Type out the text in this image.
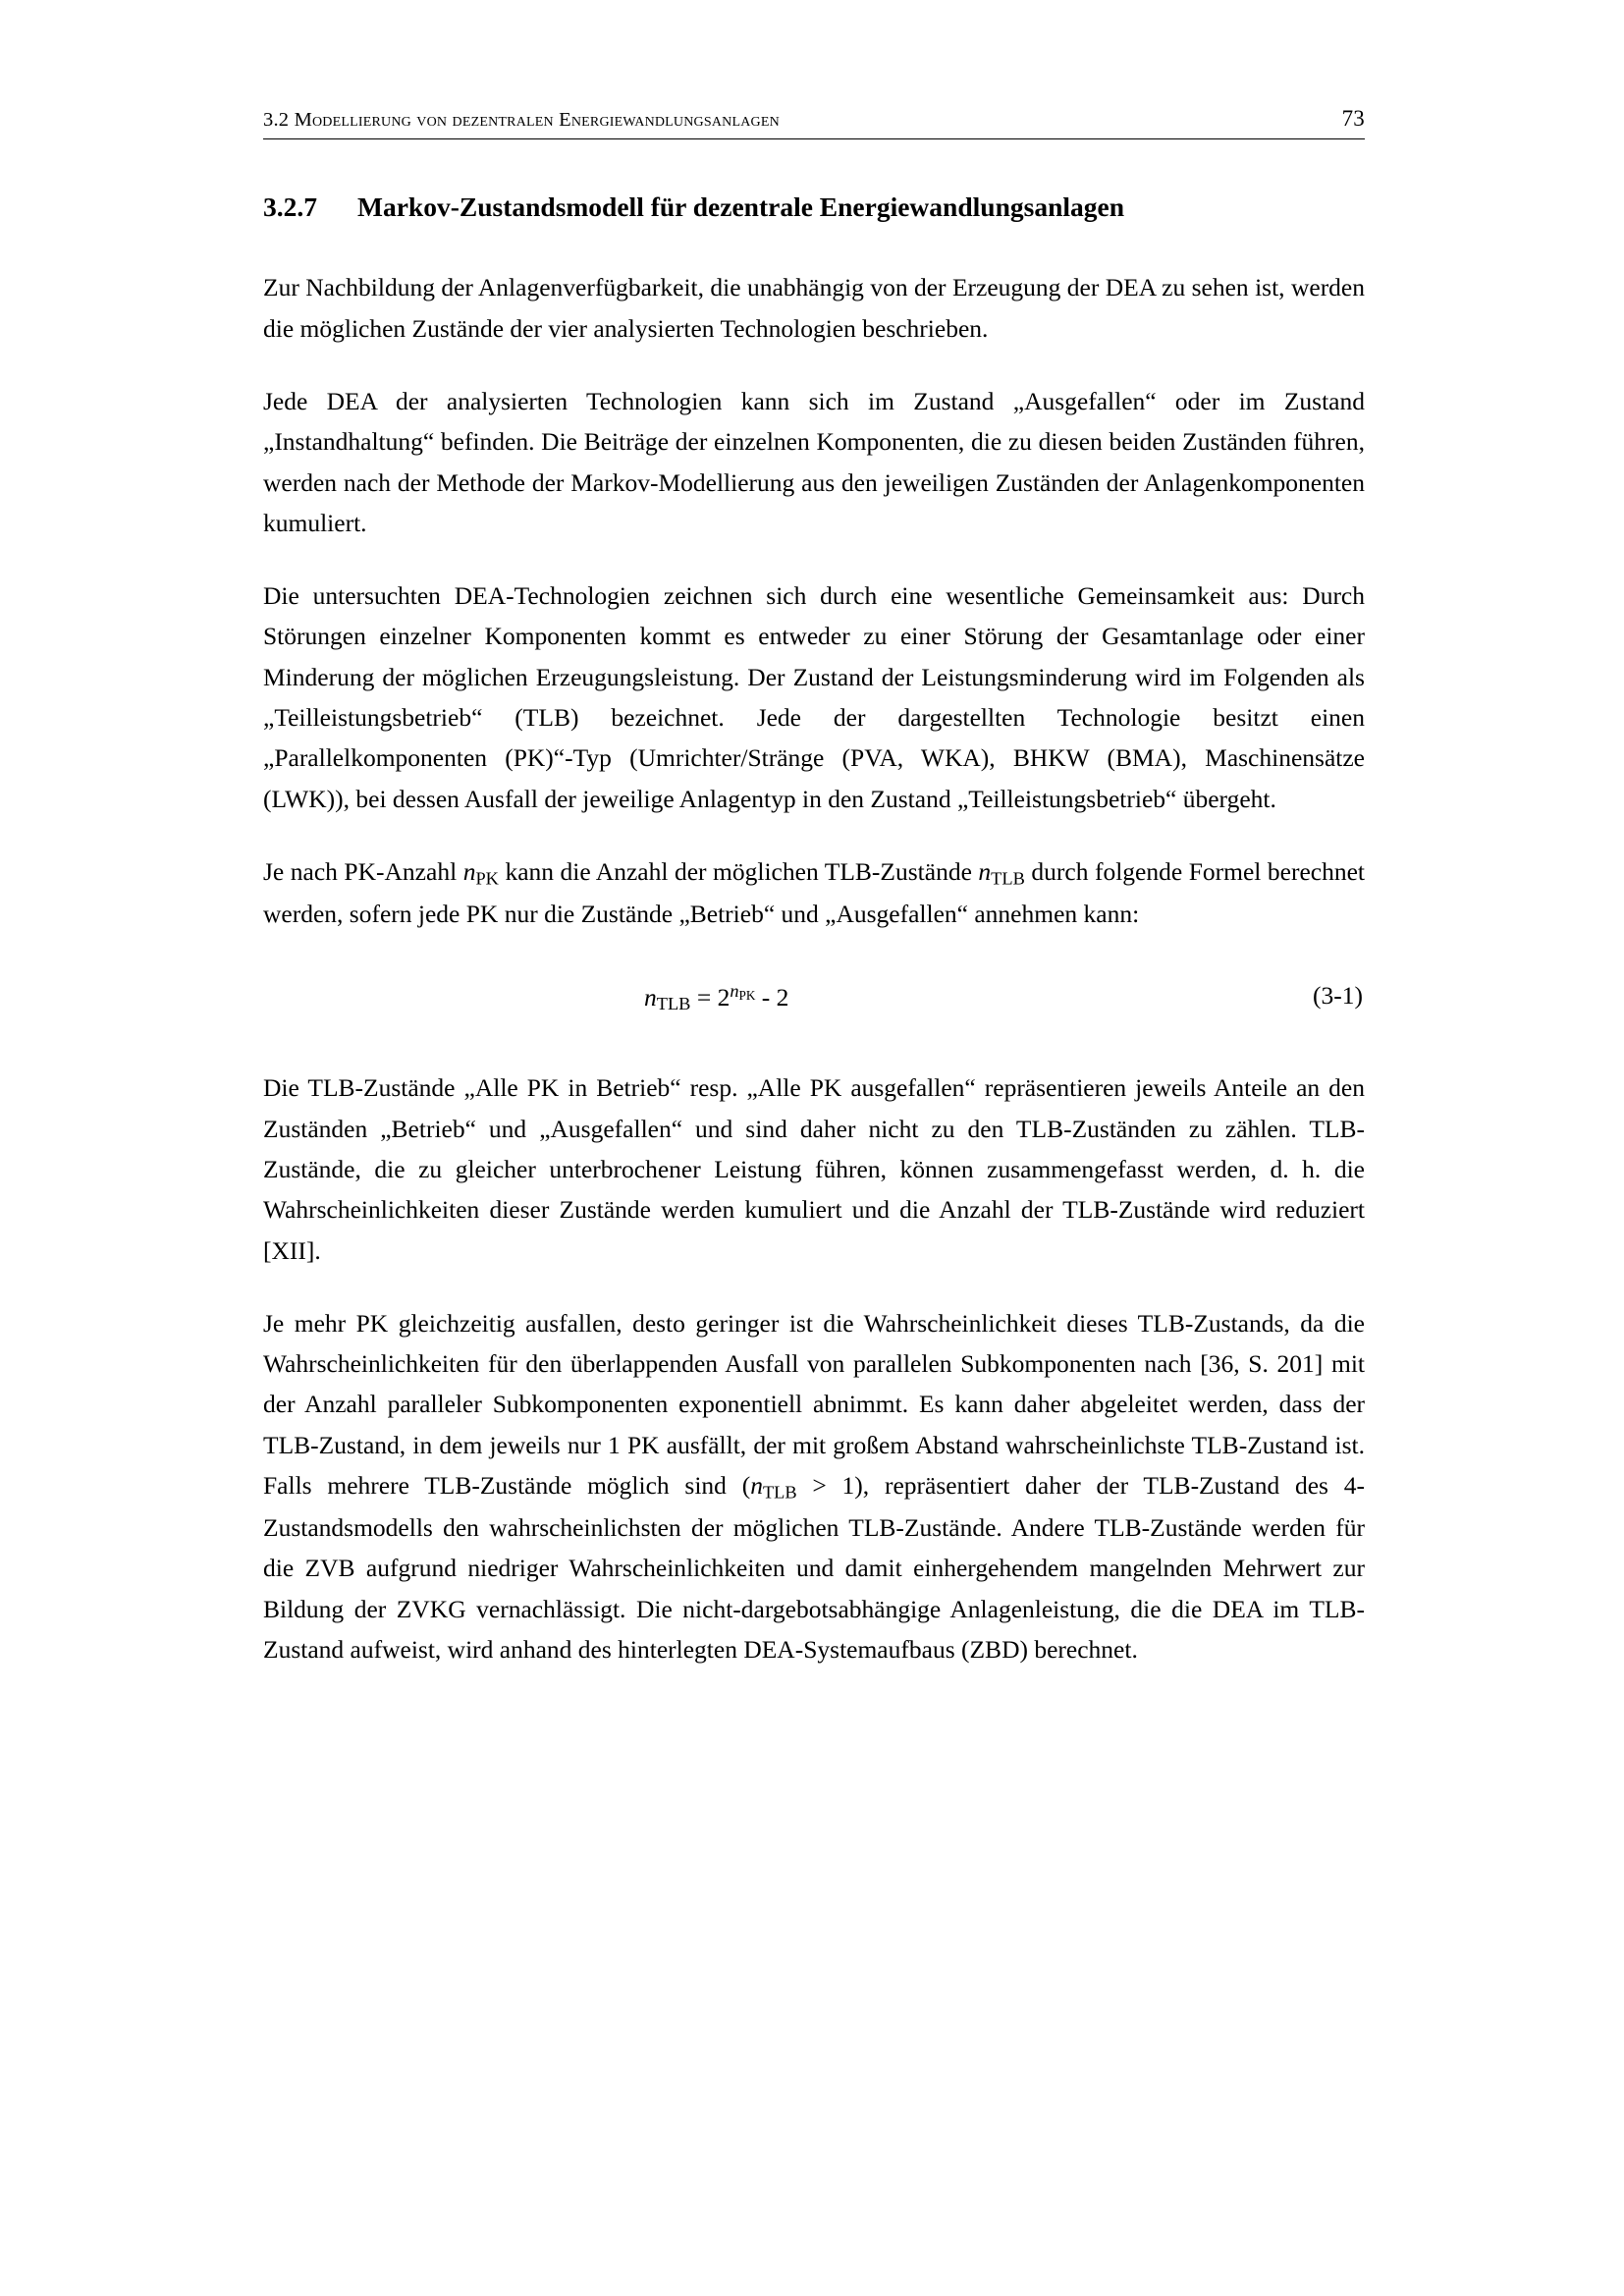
3.2 Modellierung von dezentralen Energiewandlungsanlagen	73
3.2.7	Markov-Zustandsmodell für dezentrale Energiewandlungsanlagen

Zur Nachbildung der Anlagenverfügbarkeit, die unabhängig von der Erzeugung der DEA zu sehen ist, werden die möglichen Zustände der vier analysierten Technologien beschrieben.

Jede DEA der analysierten Technologien kann sich im Zustand „Ausgefallen“ oder im Zustand „Instandhaltung“ befinden. Die Beiträge der einzelnen Komponenten, die zu diesen beiden Zuständen führen, werden nach der Methode der Markov-Modellierung aus den jeweiligen Zuständen der Anlagenkomponenten kumuliert.

Die untersuchten DEA-Technologien zeichnen sich durch eine wesentliche Gemeinsamkeit aus: Durch Störungen einzelner Komponenten kommt es entweder zu einer Störung der Gesamtanlage oder einer Minderung der möglichen Erzeugungsleistung. Der Zustand der Leistungsminderung wird im Folgenden als „Teilleistungsbetrieb“ (TLB) bezeichnet. Jede der dargestellten Technologie besitzt einen „Parallelkomponenten (PK)“-Typ (Umrichter/Stränge (PVA, WKA), BHKW (BMA), Maschinensätze (LWK)), bei dessen Ausfall der jeweilige Anlagentyp in den Zustand „Teilleistungsbetrieb“ übergeht.

Je nach PK-Anzahl $n_{PK}$ kann die Anzahl der möglichen TLB-Zustände $n_{TLB}$ durch folgende Formel berechnet werden, sofern jede PK nur die Zustände „Betrieb“ und „Ausgefallen“ annehmen kann:

$n_{TLB} = 2^{n_{PK}} - 2$	(3-1)

Die TLB-Zustände „Alle PK in Betrieb“ resp. „Alle PK ausgefallen“ repräsentieren jeweils Anteile an den Zuständen „Betrieb“ und „Ausgefallen“ und sind daher nicht zu den TLB-Zuständen zu zählen. TLB-Zustände, die zu gleicher unterbrochener Leistung führen, können zusammengefasst werden, d. h. die Wahrscheinlichkeiten dieser Zustände werden kumuliert und die Anzahl der TLB-Zustände wird reduziert [XII].

Je mehr PK gleichzeitig ausfallen, desto geringer ist die Wahrscheinlichkeit dieses TLB-Zustands, da die Wahrscheinlichkeiten für den überlappenden Ausfall von parallelen Subkomponenten nach [36, S. 201] mit der Anzahl paralleler Subkomponenten exponentiell abnimmt. Es kann daher abgeleitet werden, dass der TLB-Zustand, in dem jeweils nur 1 PK ausfällt, der mit großem Abstand wahrscheinlichste TLB-Zustand ist. Falls mehrere TLB-Zustände möglich sind $(n_{TLB} > 1)$, repräsentiert daher der TLB-Zustand des 4-Zustandsmodells den wahrscheinlichsten der möglichen TLB-Zustände. Andere TLB-Zustände werden für die ZVB aufgrund niedriger Wahrscheinlichkeiten und damit einhergehendem mangelnden Mehrwert zur Bildung der ZVKG vernachlässigt. Die nicht-dargebotsabhängige Anlagenleistung, die die DEA im TLB-Zustand aufweist, wird anhand des hinterlegten DEA-Systemaufbaus (ZBD) berechnet.
